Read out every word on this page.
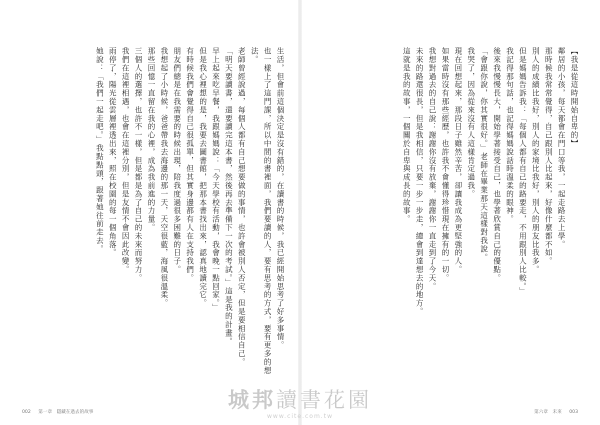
生活，但會前這個決定是沒有錯的，在讀書的時候，我已經開始思考了好多事情。
也一樣上了這門課，所以中間的書裡面，我們要讀的人，要有思考的方式，要有更多的想法。
老師曾經說過，每個人都有自己想要做的事情，也許會被別人否定，但是要相信自己。
「明天要讀書，還要讀完這本書，然後再去準備下一次的考試。」這是我的計畫。
早上起來吃早餐，我跟媽媽說：「今天學校有活動，我會晚一點回家。」
但是我心裡想的是，我要去圖書館，把那本書找出來，認真地讀完它。
有時候我們會覺得自己很孤單，但其實身邊都有人在支持我們。
朋友們總是在我需要的時候出現，陪我度過很多困難的日子。
我想起了小時候，爸爸帶我去海邊的那一天，天空很藍，海風很溫柔。
那些回憶一直留在我的心裡，成為我前進的力量。
三個人的選擇，也許不一樣，但是都是為了自己的未來而努力。
我們在這裡相遇，也會在這裡分別，但是友情不會因此改變。
雨停了，陽光從雲層裡透出來，照在校園的每一個角落。
她說：「我們一起走吧。」我點點頭，跟著她往前走去。
002 第一章　隱藏在過去的故事
【我是從這時開始自卑的】
鄰居的小孩，每天都會在門口等我，一起走路去上學。
那時候我常常覺得，自己跟別人比起來，好像什麼都不如。
別人的成績比我好，別人的家境比我好，別人的朋友比我多。
但是媽媽告訴我：「每個人都有自己的路要走，不用跟別人比較。」
我記得那句話，也記得媽媽說話時溫柔的眼神。
後來我慢慢長大，開始學著接受自己，也學著欣賞自己的優點。
「會跟你說，你其實很好。」老師在畢業那天這樣對我說。
我哭了，因為從來沒有人這樣肯定過我。
現在回想起來，那段日子雖然辛苦，卻讓我成為更堅強的人。
如果當時沒有那些經歷，也許我不會懂得珍惜現在擁有的一切。
我想對過去的自己說：謝謝你沒有放棄，謝謝你一直走到了今天。
未來的路還很長，但是我相信，只要一步一步走，總會到達想去的地方。
這就是我的故事，一個關於自卑與成長的故事。
第六章　未來 003
城邦讀書花園
www.cite.com.tw
